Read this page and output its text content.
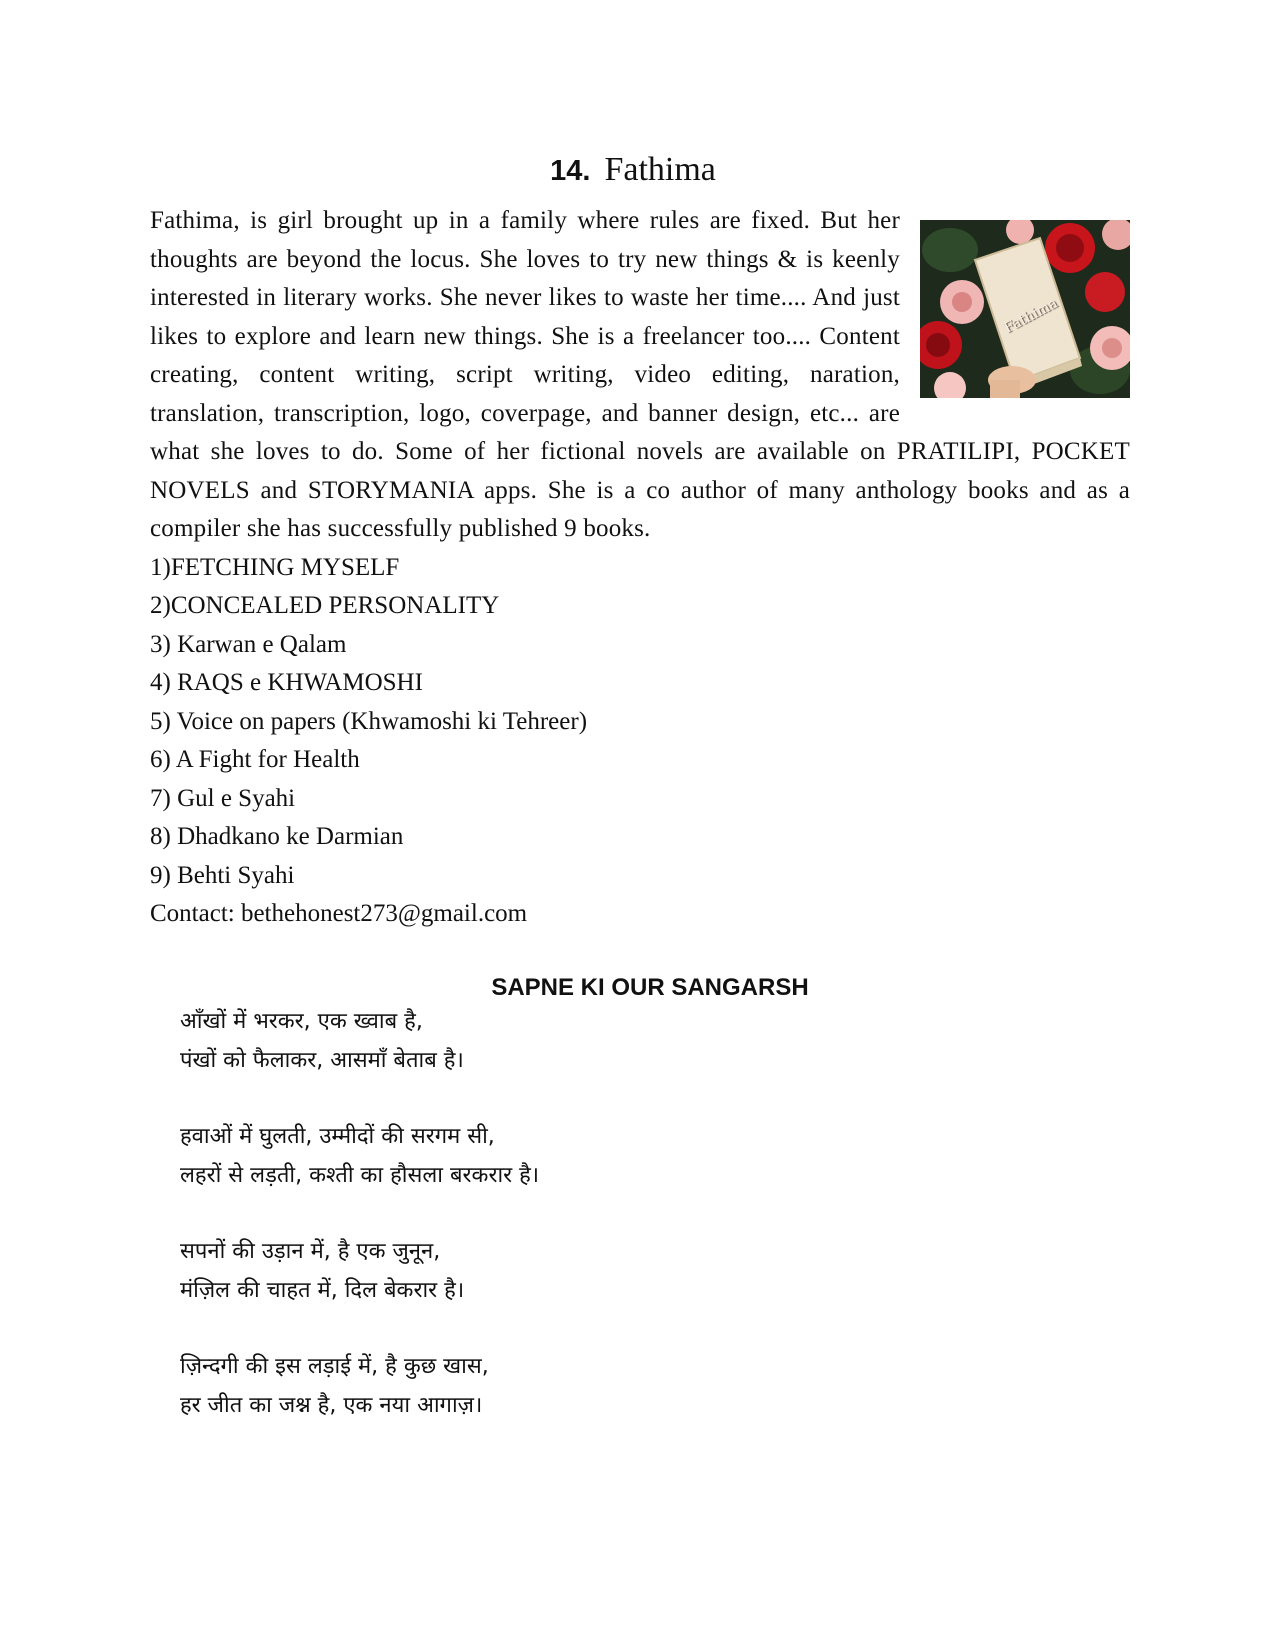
14. Fathima
Fathima

Fathima, is girl brought up in a family where rules are fixed. But her thoughts are beyond the locus. She loves to try new things & is keenly interested in literary works. She never likes to waste her time.... And just likes to explore and learn new things. She is a freelancer too.... Content creating, content writing, script writing, video editing, naration, translation, transcription, logo, coverpage, and banner design, etc... are what she loves to do. Some of her fictional novels are available on PRATILIPI, POCKET NOVELS and STORYMANIA apps. She is a co author of many anthology books and as a compiler she has successfully published 9 books.

1)FETCHING MYSELF
2)CONCEALED PERSONALITY
3) Karwan e Qalam
4) RAQS e KHWAMOSHI
5) Voice on papers (Khwamoshi ki Tehreer)
6) A Fight for Health
7) Gul e Syahi
8) Dhadkano ke Darmian
9) Behti Syahi
Contact: bethehonest273@gmail.com
SAPNE KI OUR SANGARSH
आँखों में भरकर, एक ख्वाब है,
पंखों को फैलाकर, आसमाँ बेताब है।
हवाओं में घुलती, उम्मीदों की सरगम सी,
लहरों से लड़ती, कश्ती का हौसला बरकरार है।
सपनों की उड़ान में, है एक जुनून,
मंज़िल की चाहत में, दिल बेकरार है।
ज़िन्दगी की इस लड़ाई में, है कुछ खास,
हर जीत का जश्न है, एक नया आगाज़।
